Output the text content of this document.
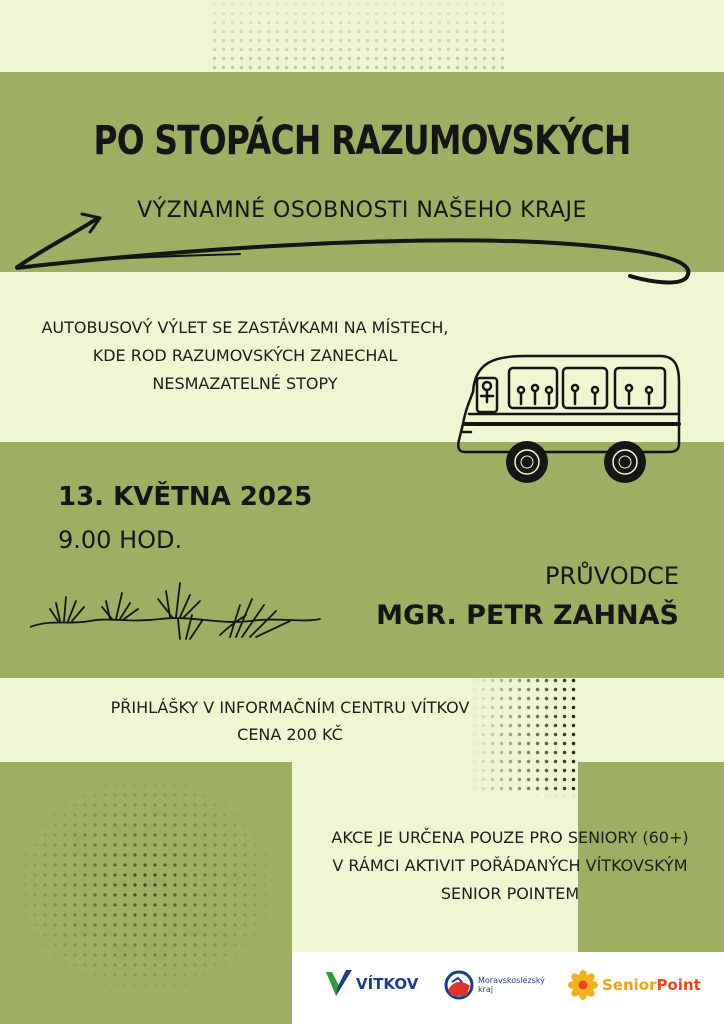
PO STOPÁCH RAZUMOVSKÝCH
VÝZNAMNÉ OSOBNOSTI NAŠEHO KRAJE

AUTOBUSOVÝ VÝLET SE ZASTÁVKAMI NA MÍSTECH, KDE ROD RAZUMOVSKÝCH ZANECHAL NESMAZATELNÉ STOPY

13. KVĚTNA 2025
9.00 HOD.
PRŮVODCE
MGR. PETR ZAHNAŠ
PŘIHLÁŠKY V INFORMAČNÍM CENTRU VÍTKOV
CENA 200 KČ

AKCE JE URČENA POUZE PRO SENIORY (60+) V RÁMCI AKTIVIT POŘÁDANÝCH VÍTKOVSKÝM SENIOR POINTEM

VÍTKOV	Moravskoslezský kraj	SeniorPoint
